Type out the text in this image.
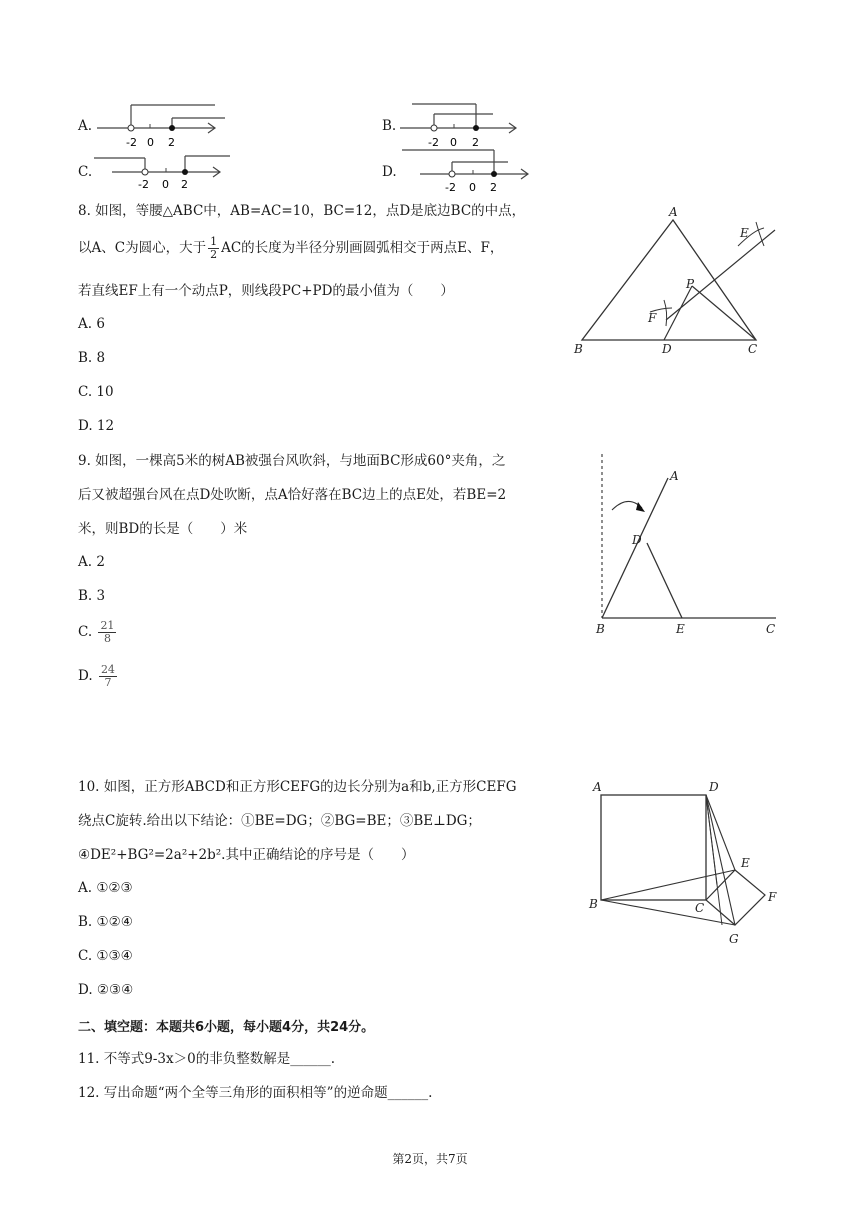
A.
-2 0 2
B.
-2 0 2
C.
-2 0 2
D.
-2 0 2
8. 如图，等腰△ABC中，AB=AC=10，BC=12，点D是底边BC的中点，
以A、C为圆心，大于 $\frac{1}{2}$ AC的长度为半径分别画圆弧相交于两点E、F，
若直线EF上有一个动点P，则线段PC+PD的最小值为（　　）
A. 6
B. 8
C. 10
D. 12
A
B	C
D
E
F
P
9. 如图，一棵高5米的树AB被强台风吹斜，与地面BC形成60°夹角，之
后又被超强台风在点D处吹断，点A恰好落在BC边上的点E处，若BE=2
米，则BD的长是（　　）米
A. 2
B. 3
C. $\frac{21}{8}$
D. $\frac{24}{7}$
A
D
B	E	C
10. 如图，正方形ABCD和正方形CEFG的边长分别为a和b,正方形CEFG
绕点C旋转.给出以下结论：①BE=DG；②BG=BE；③BE⊥DG；
④DE²+BG²=2a²+2b².其中正确结论的序号是（　　）
A. ①②③
B. ①②④
C. ①③④
D. ②③④
A	D
B	C
E
F
G
二、填空题：本题共6小题，每小题4分，共24分。
11. 不等式9-3x＞0的非负整数解是______.
12. 写出命题“两个全等三角形的面积相等”的逆命题______.
第2页，共7页
